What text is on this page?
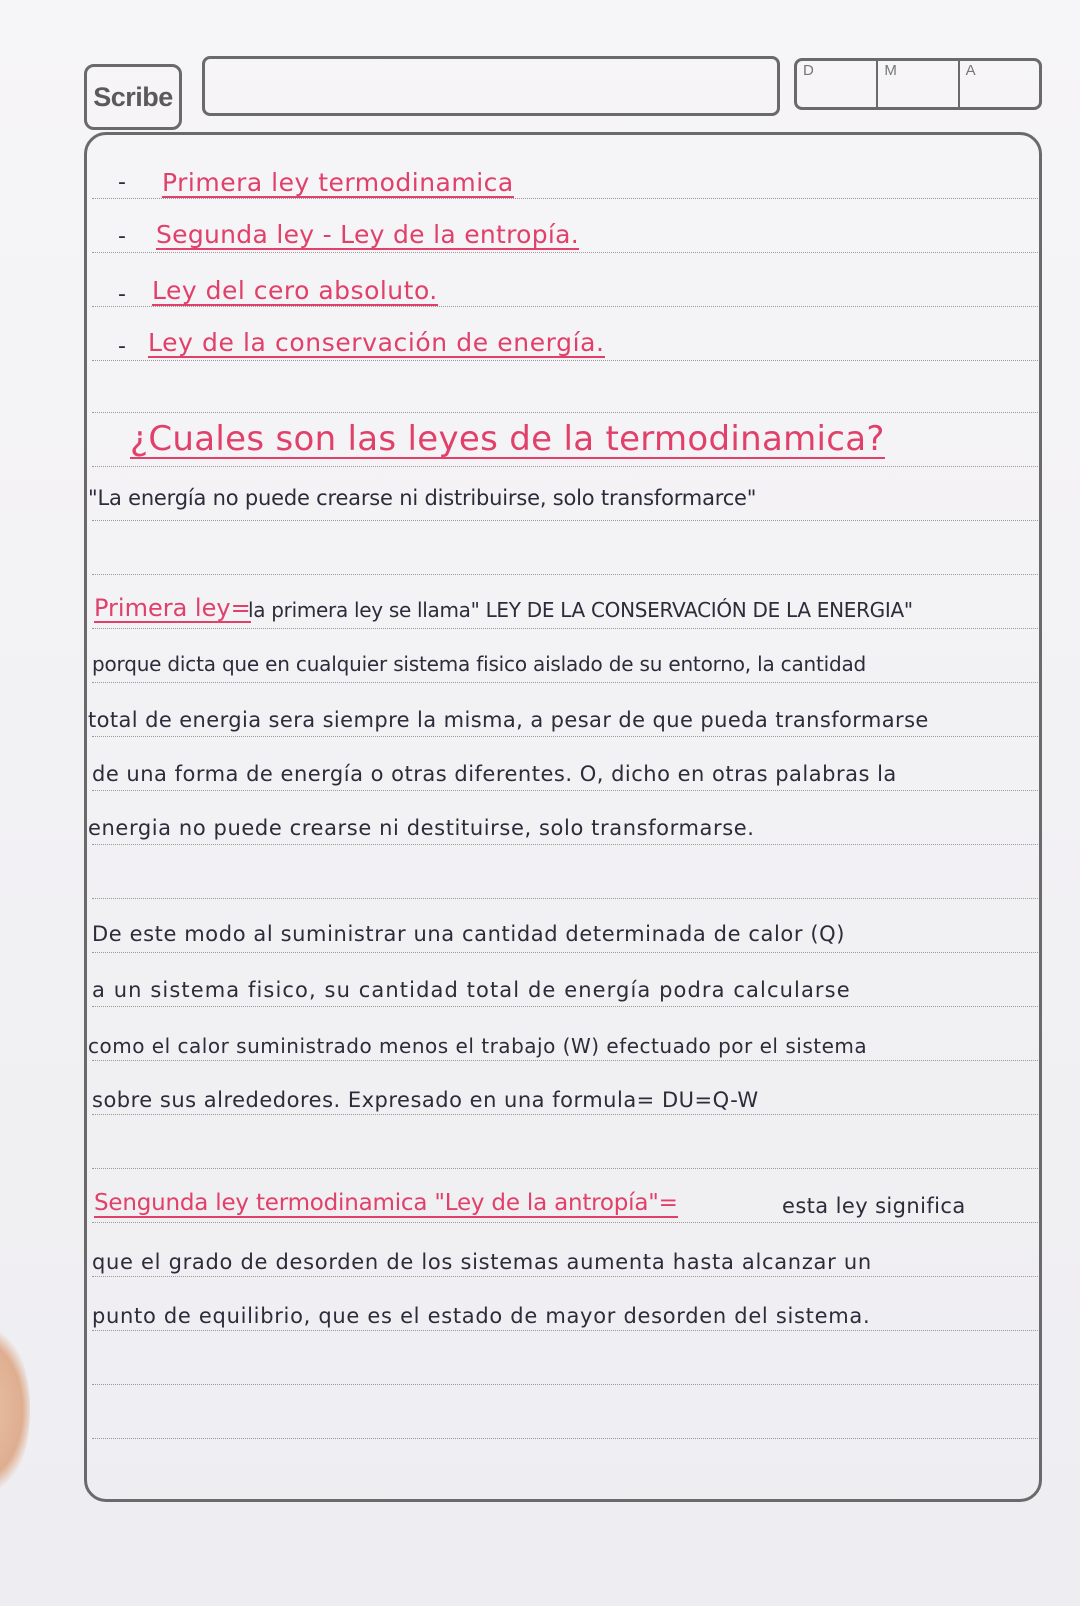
Scribe
D	M	A
- Primera ley termodinamica
- Segunda ley - Ley de la entropía.
- Ley del cero absoluto.
- Ley de la conservación de energía.
¿Cuales son las leyes de la termodinamica?
"La energía no puede crearse ni distribuirse, solo transformarce"
Primera ley=
la primera ley se llama" LEY DE LA CONSERVACIÓN DE LA ENERGIA"
porque dicta que en cualquier sistema fisico aislado de su entorno, la cantidad
total de energia sera siempre la misma, a pesar de que pueda transformarse
de una forma de energía o otras diferentes. O, dicho en otras palabras la
energia no puede crearse ni destituirse, solo transformarse.
De este modo al suministrar una cantidad determinada de calor (Q)
a un sistema fisico, su cantidad total de energía podra calcularse
como el calor suministrado menos el trabajo (W) efectuado por el sistema
sobre sus alrededores. Expresado en una formula= DU=Q-W
Sengunda ley termodinamica "Ley de la antropía"=	esta ley significa
que el grado de desorden de los sistemas aumenta hasta alcanzar un
punto de equilibrio, que es el estado de mayor desorden del sistema.
